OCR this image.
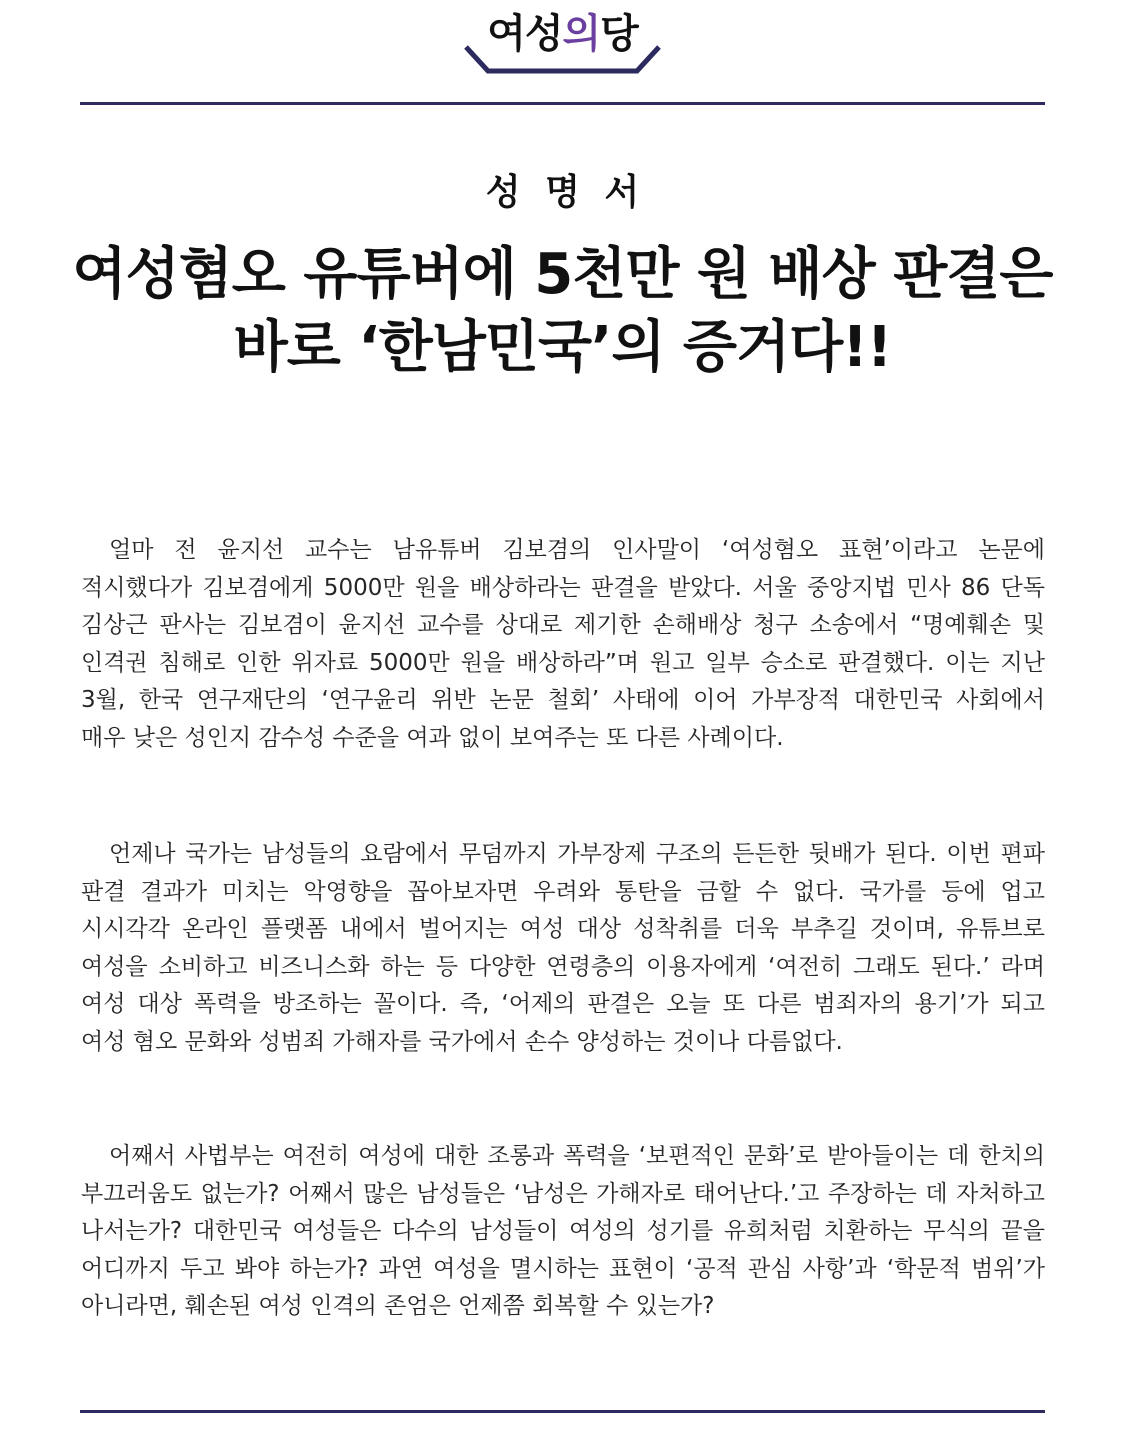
여성의당
성 명 서
여성혐오 유튜버에 5천만 원 배상 판결은
바로 ‘한남민국’의 증거다!!
얼마 전 윤지선 교수는 남유튜버 김보겸의 인사말이 ‘여성혐오 표현’이라고 논문에
적시했다가 김보겸에게 5000만 원을 배상하라는 판결을 받았다. 서울 중앙지법 민사 86 단독
김상근 판사는 김보겸이 윤지선 교수를 상대로 제기한 손해배상 청구 소송에서 “명예훼손 및
인격권 침해로 인한 위자료 5000만 원을 배상하라”며 원고 일부 승소로 판결했다. 이는 지난
3월, 한국 연구재단의 ‘연구윤리 위반 논문 철회’ 사태에 이어 가부장적 대한민국 사회에서
매우 낮은 성인지 감수성 수준을 여과 없이 보여주는 또 다른 사례이다.
언제나 국가는 남성들의 요람에서 무덤까지 가부장제 구조의 든든한 뒷배가 된다. 이번 편파
판결 결과가 미치는 악영향을 꼽아보자면 우려와 통탄을 금할 수 없다. 국가를 등에 업고
시시각각 온라인 플랫폼 내에서 벌어지는 여성 대상 성착취를 더욱 부추길 것이며, 유튜브로
여성을 소비하고 비즈니스화 하는 등 다양한 연령층의 이용자에게 ‘여전히 그래도 된다.’ 라며
여성 대상 폭력을 방조하는 꼴이다. 즉, ‘어제의 판결은 오늘 또 다른 범죄자의 용기’가 되고
여성 혐오 문화와 성범죄 가해자를 국가에서 손수 양성하는 것이나 다름없다.
어째서 사법부는 여전히 여성에 대한 조롱과 폭력을 ‘보편적인 문화’로 받아들이는 데 한치의
부끄러움도 없는가? 어째서 많은 남성들은 ‘남성은 가해자로 태어난다.’고 주장하는 데 자처하고
나서는가? 대한민국 여성들은 다수의 남성들이 여성의 성기를 유희처럼 치환하는 무식의 끝을
어디까지 두고 봐야 하는가? 과연 여성을 멸시하는 표현이 ‘공적 관심 사항’과 ‘학문적 범위’가
아니라면, 훼손된 여성 인격의 존엄은 언제쯤 회복할 수 있는가?
